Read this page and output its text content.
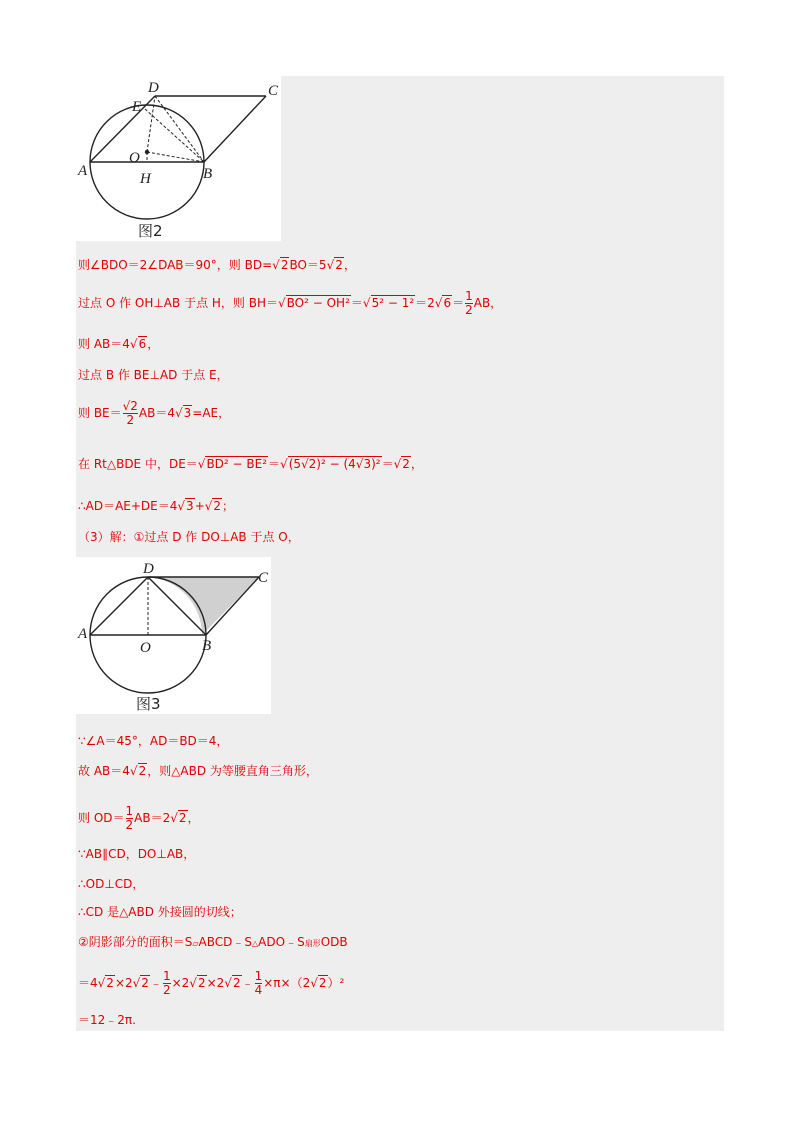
A	B
C
D
E
O
H
图2
A
B
C
D
O
图3
则∠BDO＝2∠DAB＝90°，则 BD=√2BO＝5√2，
过点 O 作 OH⊥AB 于点 H，则 $BH=√BO^2 - OH^2=√5^2 - 1^2=2√6= \frac{1}{2}$ AB，
则 AB＝4√6，
过点 B 作 BE⊥AD 于点 E，
则 $BE= \frac{√2}{2} AB=4√3=AE$，
在 Rt△BDE 中，DE＝√BD² − BE²＝√(5√2)² − (4√3)²＝√2，
∴AD＝AE+DE＝4√3+√2；
（3）解：①过点 D 作 DO⊥AB 于点 O，
∵∠A＝45°，AD＝BD＝4，
故 AB＝4√2，则△ABD 为等腰直角三角形，
则 $OD= \frac{1}{2} AB=2√2$，
∵AB∥CD，DO⊥AB，
∴OD⊥CD，
∴CD 是△ABD 外接圆的切线；
②阴影部分的面积＝S▱ABCD﹣S△ADO﹣S扇形ODB
＝4√2×2√2﹣ $\frac{1}{2}$ ×2√2×2√2﹣ $\frac{1}{4} \times\pi\times(2√2)^2$
＝12﹣2π.
